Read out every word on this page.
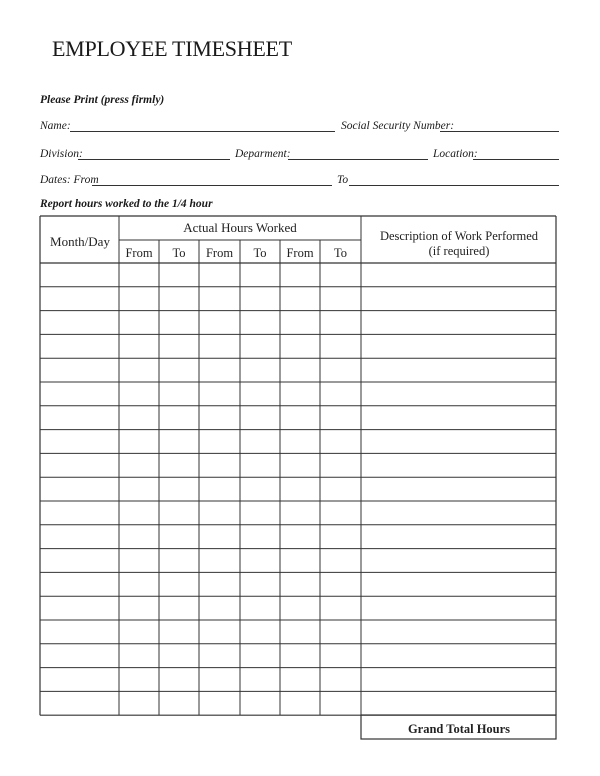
EMPLOYEE TIMESHEET
Please Print (press firmly)
Name:	Social Security Number:
Division:	Deparment:	Location:
Dates: From	To
Report hours worked to the 1/4 hour
Month/Day
Actual Hours Worked
Description of Work Performed
(if required)
From To From To From To
Grand Total Hours
